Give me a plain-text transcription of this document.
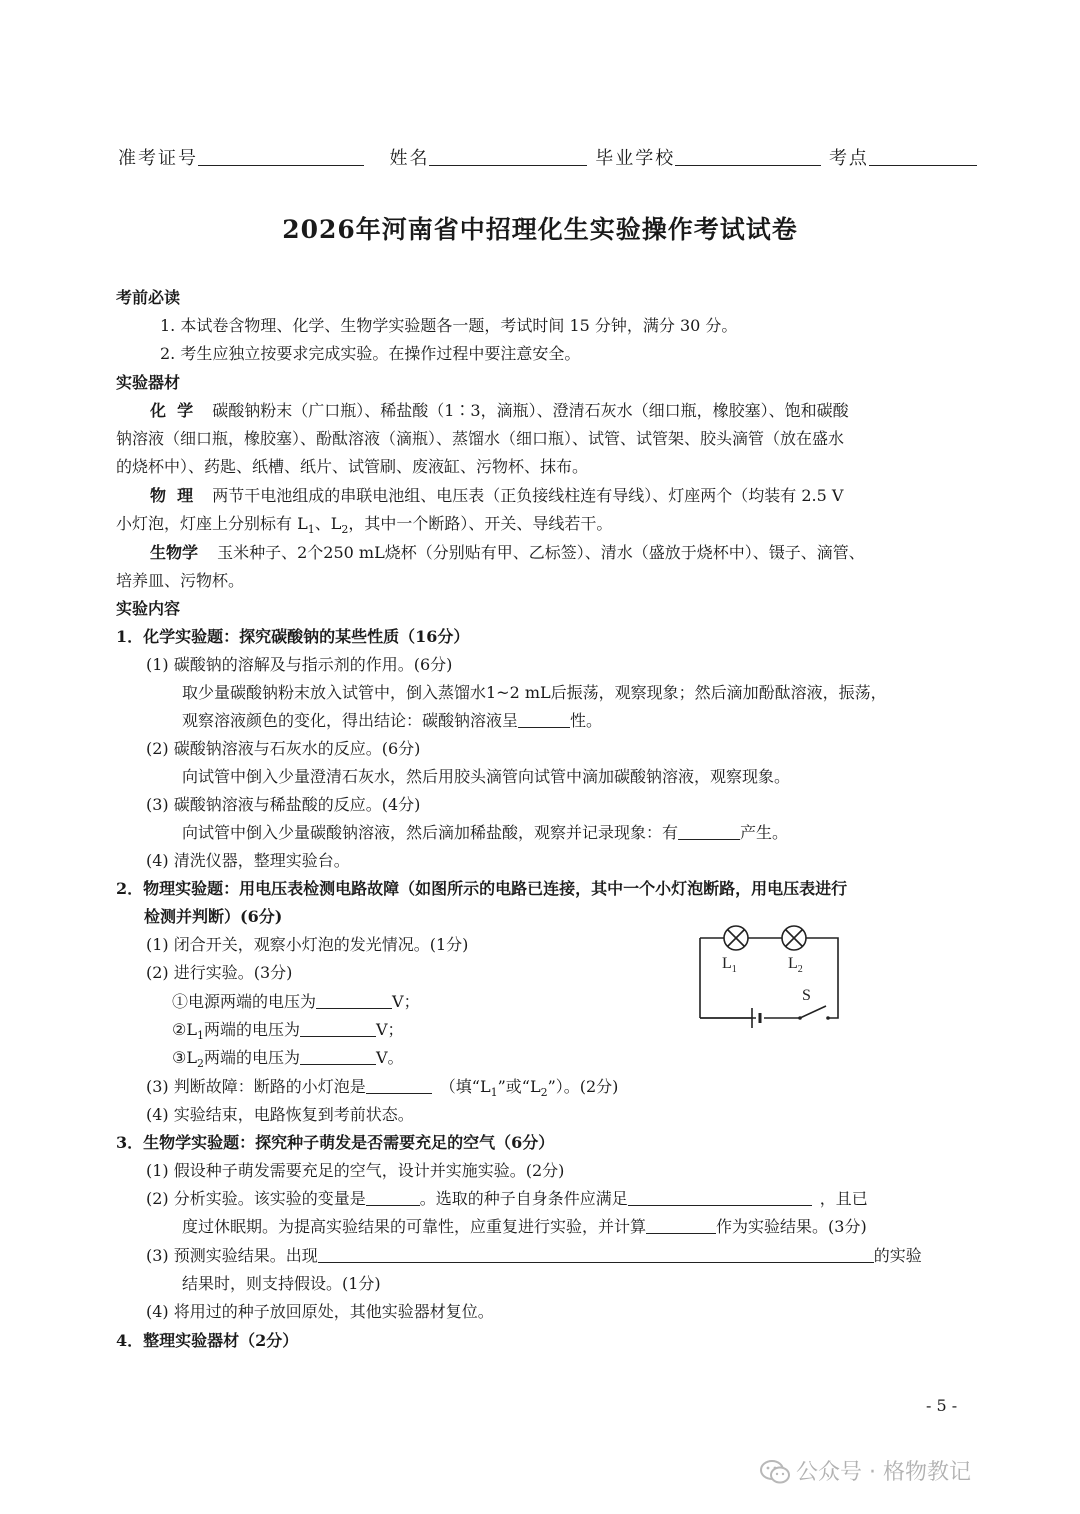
准考证号	姓名	毕业学校	考点
2026年河南省中招理化生实验操作考试试卷
考前必读
1. 本试卷含物理、化学、生物学实验题各一题，考试时间 15 分钟，满分 30 分。
2. 考生应独立按要求完成实验。在操作过程中要注意安全。
实验器材
化  学 碳酸钠粉末（广口瓶）、稀盐酸（1∶3，滴瓶）、澄清石灰水（细口瓶，橡胶塞）、饱和碳酸
钠溶液（细口瓶，橡胶塞）、酚酞溶液（滴瓶）、蒸馏水（细口瓶）、试管、试管架、胶头滴管（放在盛水
的烧杯中）、药匙、纸槽、纸片、试管刷、废液缸、污物杯、抹布。
物  理 两节干电池组成的串联电池组、电压表（正负接线柱连有导线）、灯座两个（均装有 2.5 V
小灯泡，灯座上分别标有 $L_1$、$L_2$，其中一个断路）、开关、导线若干。
生物学 玉米种子、2个250 mL烧杯（分别贴有甲、乙标签）、清水（盛放于烧杯中）、镊子、滴管、
培养皿、污物杯。
实验内容
1．化学实验题：探究碳酸钠的某些性质（16分）
(1) 碳酸钠的溶解及与指示剂的作用。(6分)
取少量碳酸钠粉末放入试管中，倒入蒸馏水1~2 mL后振荡，观察现象；然后滴加酚酞溶液，振荡，
观察溶液颜色的变化，得出结论：碳酸钠溶液呈	性。
(2) 碳酸钠溶液与石灰水的反应。(6分)
向试管中倒入少量澄清石灰水，然后用胶头滴管向试管中滴加碳酸钠溶液，观察现象。
(3) 碳酸钠溶液与稀盐酸的反应。(4分)
向试管中倒入少量碳酸钠溶液，然后滴加稀盐酸，观察并记录现象：有	产生。
(4) 清洗仪器，整理实验台。
2．物理实验题：用电压表检测电路故障（如图所示的电路已连接，其中一个小灯泡断路，用电压表进行
检测并判断）(6分)
(1) 闭合开关，观察小灯泡的发光情况。(1分)
(2) 进行实验。(3分)
①电源两端的电压为	V；
$②L_1$两端的电压为	V；
$③L_2$两端的电压为	V。
(3) 判断故障：断路的小灯泡是	（填“$L_1$”或“$L_2$”）。(2分)
(4) 实验结束，电路恢复到考前状态。
$L_1$	$L_2$
S
3．生物学实验题：探究种子萌发是否需要充足的空气（6分）
(1) 假设种子萌发需要充足的空气，设计并实施实验。(2分)
(2) 分析实验。该实验的变量是	。选取的种子自身条件应满足	，且已
度过休眠期。为提高实验结果的可靠性，应重复进行实验，并计算	作为实验结果。(3分)
(3) 预测实验结果。出现	的实验
结果时，则支持假设。(1分)
(4) 将用过的种子放回原处，其他实验器材复位。
4．整理实验器材（2分）
- 5 -
公众号 · 格物教记
